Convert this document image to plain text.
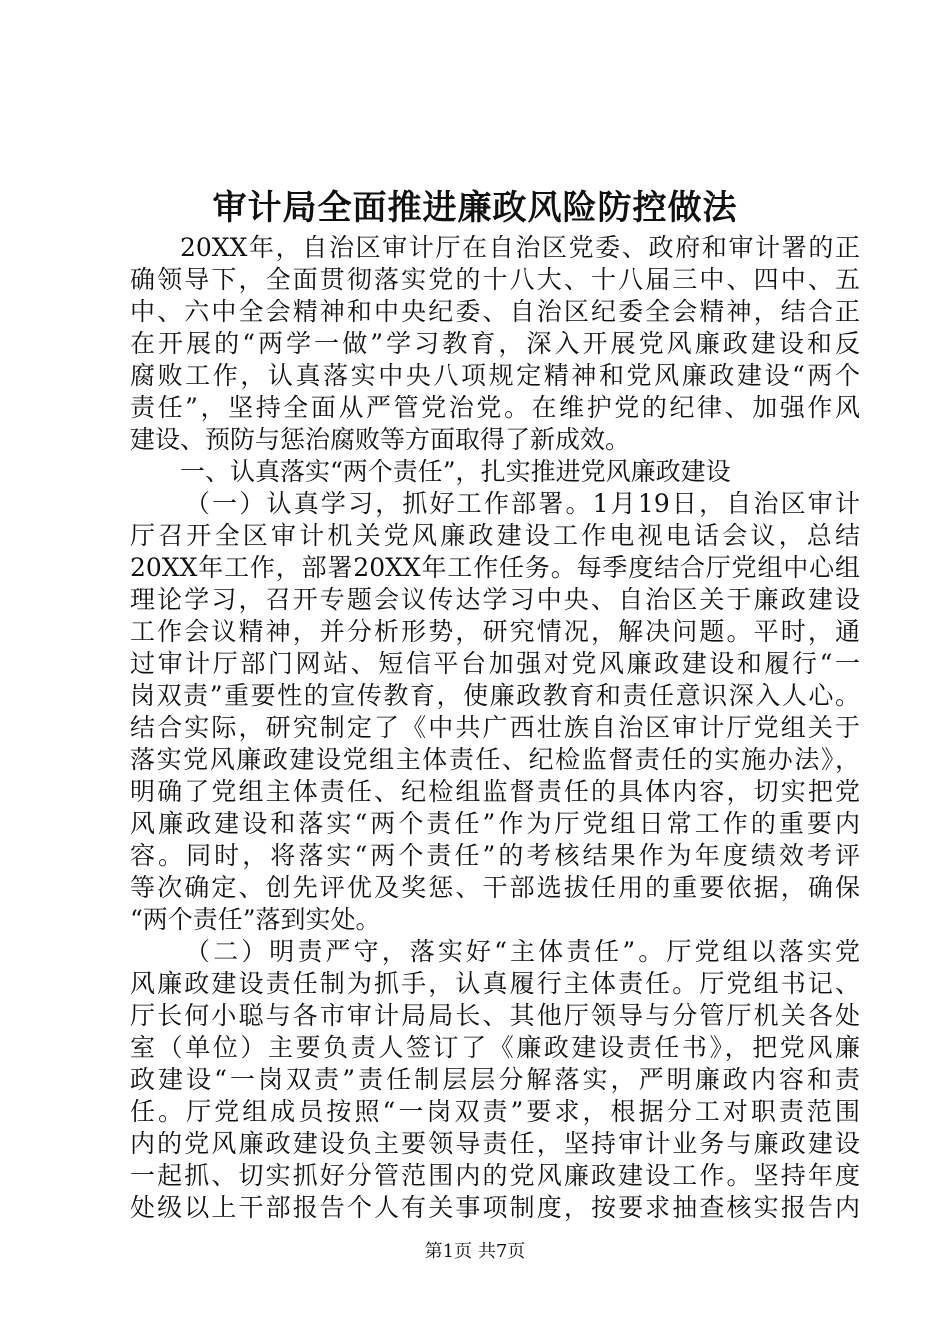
审计局全面推进廉政风险防控做法
20XX年，自治区审计厅在自治区党委、政府和审计署的正
确领导下，全面贯彻落实党的十八大、十八届三中、四中、五
中、六中全会精神和中央纪委、自治区纪委全会精神，结合正
在开展的“两学一做”学习教育，深入开展党风廉政建设和反
腐败工作，认真落实中央八项规定精神和党风廉政建设“两个
责任”，坚持全面从严管党治党。在维护党的纪律、加强作风
建设、预防与惩治腐败等方面取得了新成效。
一、认真落实“两个责任”，扎实推进党风廉政建设
（一）认真学习，抓好工作部署。1月19日，自治区审计
厅召开全区审计机关党风廉政建设工作电视电话会议，总结
20XX年工作，部署20XX年工作任务。每季度结合厅党组中心组
理论学习，召开专题会议传达学习中央、自治区关于廉政建设
工作会议精神，并分析形势，研究情况，解决问题。平时，通
过审计厅部门网站、短信平台加强对党风廉政建设和履行“一
岗双责”重要性的宣传教育，使廉政教育和责任意识深入人心。
结合实际，研究制定了《中共广西壮族自治区审计厅党组关于
落实党风廉政建设党组主体责任、纪检监督责任的实施办法》，
明确了党组主体责任、纪检组监督责任的具体内容，切实把党
风廉政建设和落实“两个责任”作为厅党组日常工作的重要内
容。同时，将落实“两个责任”的考核结果作为年度绩效考评
等次确定、创先评优及奖惩、干部选拔任用的重要依据，确保
“两个责任”落到实处。
（二）明责严守，落实好“主体责任”。厅党组以落实党
风廉政建设责任制为抓手，认真履行主体责任。厅党组书记、
厅长何小聪与各市审计局局长、其他厅领导与分管厅机关各处
室（单位）主要负责人签订了《廉政建设责任书》，把党风廉
政建设“一岗双责”责任制层层分解落实，严明廉政内容和责
任。厅党组成员按照“一岗双责”要求，根据分工对职责范围
内的党风廉政建设负主要领导责任，坚持审计业务与廉政建设
一起抓、切实抓好分管范围内的党风廉政建设工作。坚持年度
处级以上干部报告个人有关事项制度，按要求抽查核实报告内
第1页 共7页
